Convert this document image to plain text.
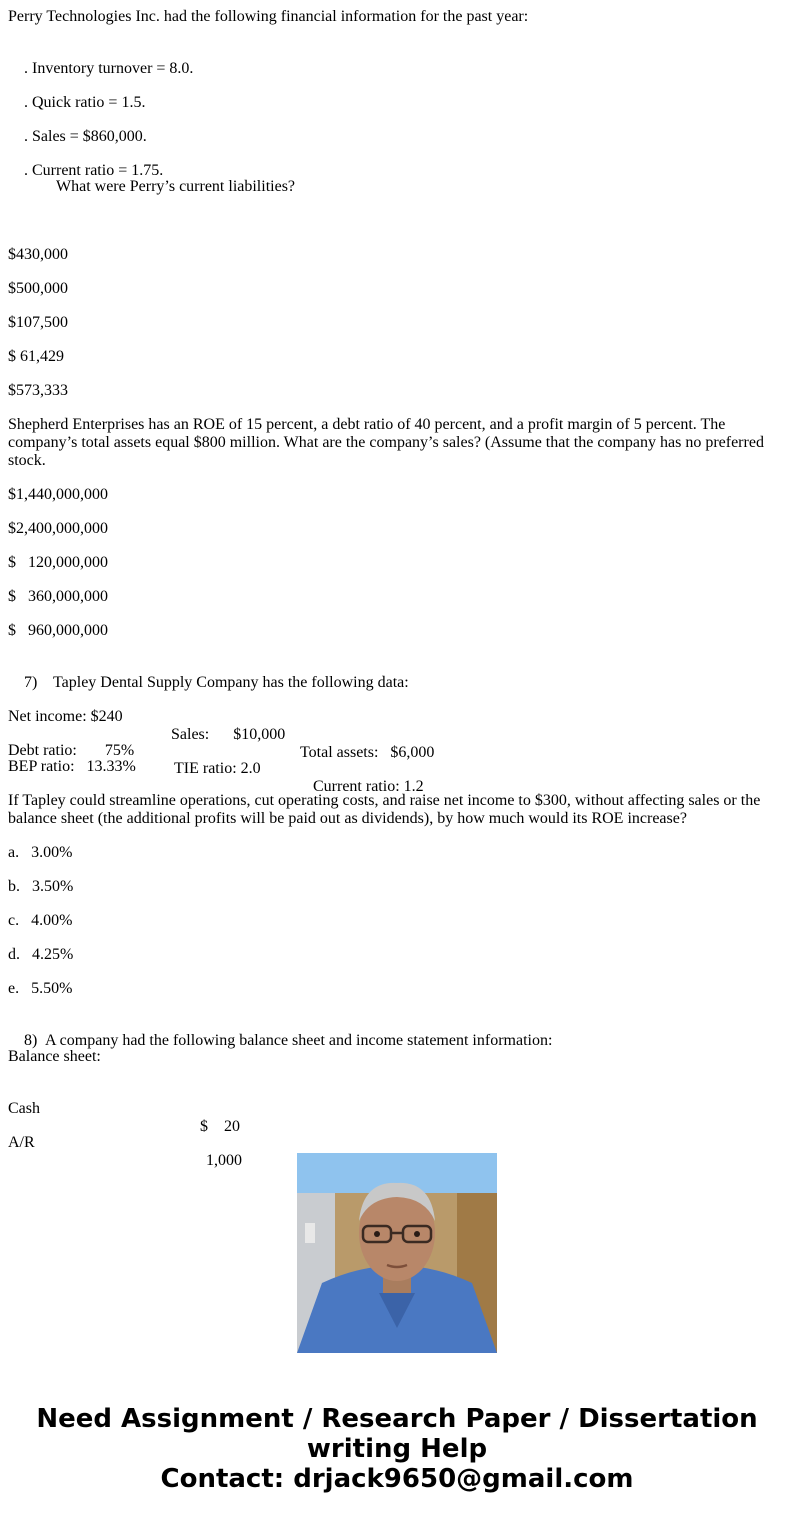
Perry Technologies Inc. had the following financial information for the past year:

. Inventory turnover = 8.0.

. Quick ratio = 1.5.

. Sales = $860,000.

. Current ratio = 1.75.

What were Perry’s current liabilities?

$430,000

$500,000

$107,500

$ 61,429

$573,333

Shepherd Enterprises has an ROE of 15 percent, a debt ratio of 40 percent, and a profit margin of 5 percent. The company’s total assets equal $800 million. What are the company’s sales? (Assume that the company has no preferred stock.

$1,440,000,000

$2,400,000,000

$   120,000,000

$   360,000,000

$   960,000,000

7) Tapley Dental Supply Company has the following data:

Net income: $240

Sales:      $10,000

Total assets:   $6,000

Debt ratio:       75%

TIE ratio: 2.0

Current ratio: 1.2

BEP ratio:   13.33%

If Tapley could streamline operations, cut operating costs, and raise net income to $300, without affecting sales or the balance sheet (the additional profits will be paid out as dividends), by how much would its ROE increase?

a.   3.00%

b.   3.50%

c.   4.00%

d.   4.25%

e.   5.50%

8) A company had the following balance sheet and income statement information:

Balance sheet:

Cash

$    20

A/R

1,000

Need Assignment / Research Paper / Dissertation
writing Help
Contact: drjack9650@gmail.com
